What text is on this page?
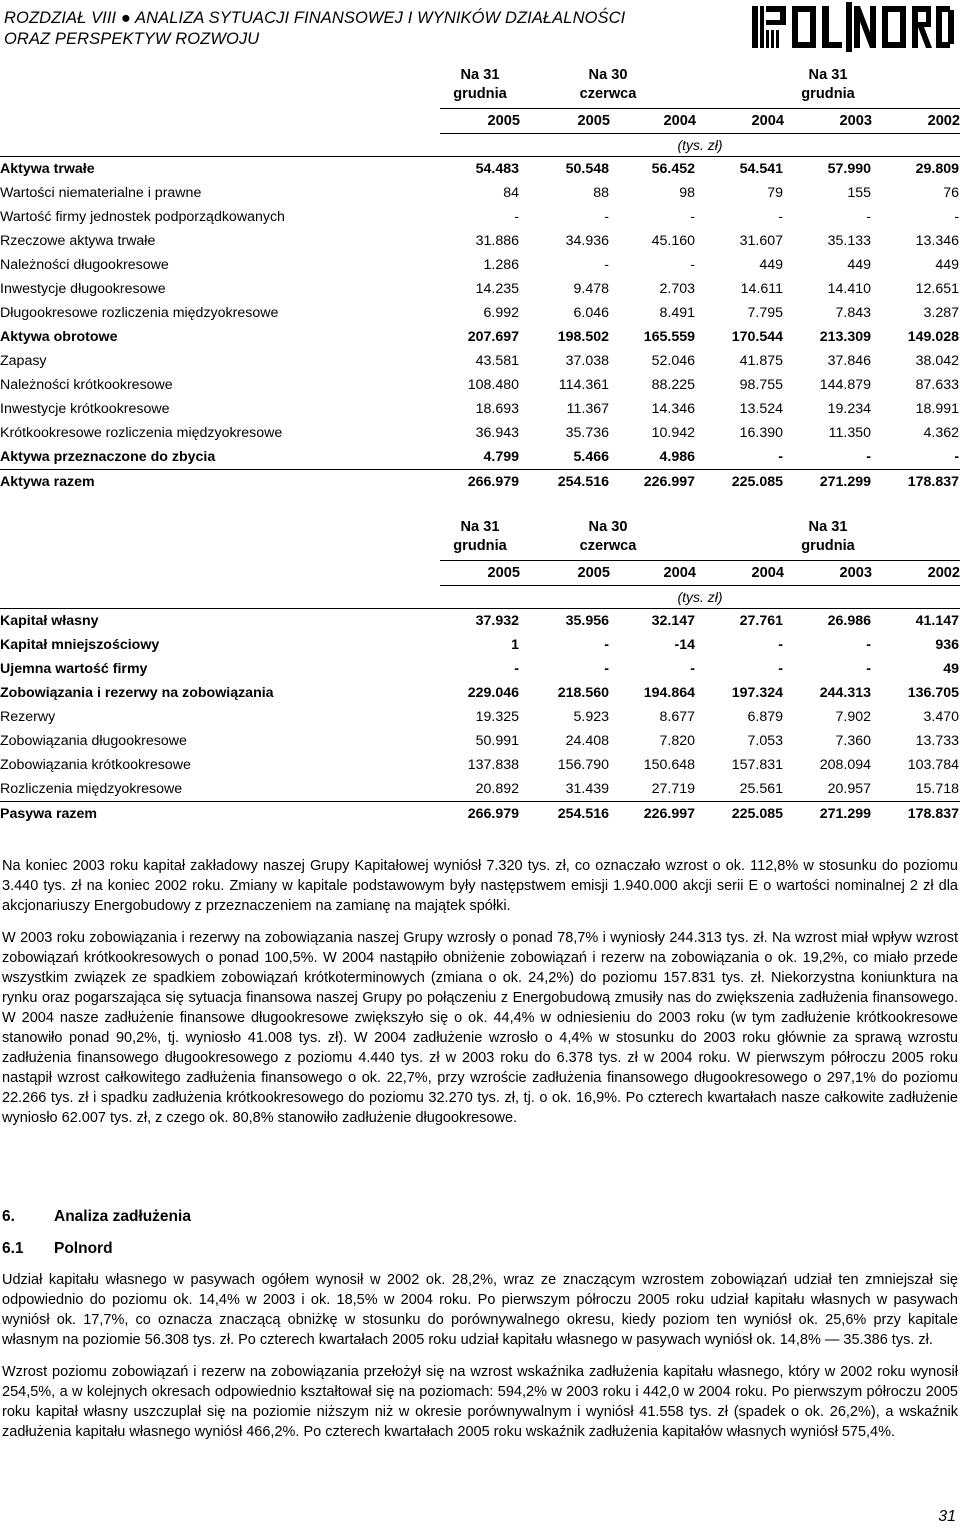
ROZDZIAŁ VIII ● ANALIZA SYTUACJI FINANSOWEJ I WYNIKÓW DZIAŁALNOŚCI
ORAZ PERSPEKTYW ROZWOJU
	Na 31
grudnia	Na 30
czerwca		Na 31
grudnia		
	2005	2005	2004	2004	2003	2002
	(tys. zł)					
Aktywa trwałe	54.483	50.548	56.452	54.541	57.990	29.809
Wartości niematerialne i prawne	84	88	98	79	155	76
Wartość firmy jednostek podporządkowanych	-	-	-	-	-	-
Rzeczowe aktywa trwałe	31.886	34.936	45.160	31.607	35.133	13.346
Należności długookresowe	1.286	-	-	449	449	449
Inwestycje długookresowe	14.235	9.478	2.703	14.611	14.410	12.651
Długookresowe rozliczenia międzyokresowe	6.992	6.046	8.491	7.795	7.843	3.287
Aktywa obrotowe	207.697	198.502	165.559	170.544	213.309	149.028
Zapasy	43.581	37.038	52.046	41.875	37.846	38.042
Należności krótkookresowe	108.480	114.361	88.225	98.755	144.879	87.633
Inwestycje krótkookresowe	18.693	11.367	14.346	13.524	19.234	18.991
Krótkookresowe rozliczenia międzyokresowe	36.943	35.736	10.942	16.390	11.350	4.362
Aktywa przeznaczone do zbycia	4.799	5.466	4.986	-	-	-
Aktywa razem	266.979	254.516	226.997	225.085	271.299	178.837
	Na 31
grudnia	Na 30
czerwca		Na 31
grudnia		
	2005	2005	2004	2004	2003	2002
	(tys. zł)					
Kapitał własny	37.932	35.956	32.147	27.761	26.986	41.147
Kapitał mniejszościowy	1	-	-14	-	-	936
Ujemna wartość firmy	-	-	-	-	-	49
Zobowiązania i rezerwy na zobowiązania	229.046	218.560	194.864	197.324	244.313	136.705
Rezerwy	19.325	5.923	8.677	6.879	7.902	3.470
Zobowiązania długookresowe	50.991	24.408	7.820	7.053	7.360	13.733
Zobowiązania krótkookresowe	137.838	156.790	150.648	157.831	208.094	103.784
Rozliczenia międzyokresowe	20.892	31.439	27.719	25.561	20.957	15.718
Pasywa razem	266.979	254.516	226.997	225.085	271.299	178.837

Na koniec 2003 roku kapitał zakładowy naszej Grupy Kapitałowej wyniósł 7.320 tys. zł, co oznaczało wzrost o ok. 112,8% w stosunku do poziomu 3.440 tys. zł na koniec 2002 roku. Zmiany w kapitale podstawowym były następstwem emisji 1.940.000 akcji serii E o wartości nominalnej 2 zł dla akcjonariuszy Energobudowy z przeznaczeniem na zamianę na majątek spółki.

W 2003 roku zobowiązania i rezerwy na zobowiązania naszej Grupy wzrosły o ponad 78,7% i wyniosły 244.313 tys. zł. Na wzrost miał wpływ wzrost zobowiązań krótkookresowych o ponad 100,5%. W 2004 nastąpiło obniżenie zobowiązań i rezerw na zobowiązania o ok. 19,2%, co miało przede wszystkim związek ze spadkiem zobowiązań krótkoterminowych (zmiana o ok. 24,2%) do poziomu 157.831 tys. zł. Niekorzystna koniunktura na rynku oraz pogarszająca się sytuacja finansowa naszej Grupy po połączeniu z Energobudową zmusiły nas do zwiększenia zadłużenia finansowego. W 2004 nasze zadłużenie finansowe długookresowe zwiększyło się o ok. 44,4% w odniesieniu do 2003 roku (w tym zadłużenie krótkookresowe stanowiło ponad 90,2%, tj. wyniosło 41.008 tys. zł). W 2004 zadłużenie wzrosło o 4,4% w stosunku do 2003 roku głównie za sprawą wzrostu zadłużenia finansowego długookresowego z poziomu 4.440 tys. zł w 2003 roku do 6.378 tys. zł w 2004 roku. W pierwszym półroczu 2005 roku nastąpił wzrost całkowitego zadłużenia finansowego o ok. 22,7%, przy wzroście zadłużenia finansowego długookresowego o 297,1% do poziomu 22.266 tys. zł i spadku zadłużenia krótkookresowego do poziomu 32.270 tys. zł, tj. o ok. 16,9%. Po czterech kwartałach nasze całkowite zadłużenie wyniosło 62.007 tys. zł, z czego ok. 80,8% stanowiło zadłużenie długookresowe.

6.	Analiza zadłużenia
6.1 Polnord

Udział kapitału własnego w pasywach ogółem wynosił w 2002 ok. 28,2%, wraz ze znaczącym wzrostem zobowiązań udział ten zmniejszał się odpowiednio do poziomu ok. 14,4% w 2003 i ok. 18,5% w 2004 roku. Po pierwszym półroczu 2005 roku udział kapitału własnych w pasywach wyniósł ok. 17,7%, co oznacza znaczącą obniżkę w stosunku do porównywalnego okresu, kiedy poziom ten wyniósł ok. 25,6% przy kapitale własnym na poziomie 56.308 tys. zł. Po czterech kwartałach 2005 roku udział kapitału własnego w pasywach wyniósł ok. 14,8% — 35.386 tys. zł.

Wzrost poziomu zobowiązań i rezerw na zobowiązania przełożył się na wzrost wskaźnika zadłużenia kapitału własnego, który w 2002 roku wynosił 254,5%, a w kolejnych okresach odpowiednio kształtował się na poziomach: 594,2% w 2003 roku i 442,0 w 2004 roku. Po pierwszym półroczu 2005 roku kapitał własny uszczuplał się na poziomie niższym niż w okresie porównywalnym i wyniósł 41.558 tys. zł (spadek o ok. 26,2%), a wskaźnik zadłużenia kapitału własnego wyniósł 466,2%. Po czterech kwartałach 2005 roku wskaźnik zadłużenia kapitałów własnych wyniósł 575,4%.

31
